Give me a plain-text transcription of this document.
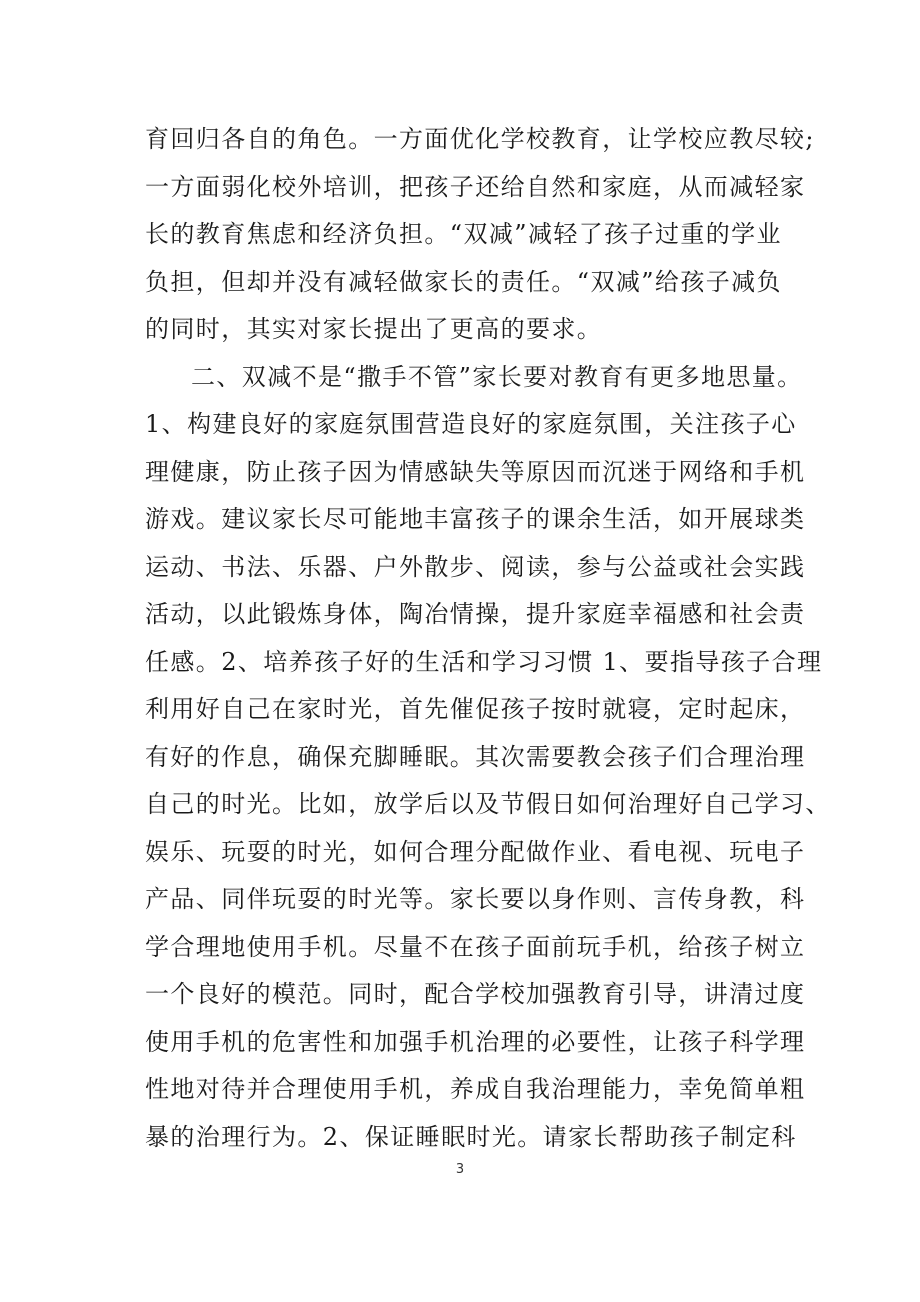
育回归各自的角色。一方面优化学校教育，让学校应教尽较;
一方面弱化校外培训，把孩子还给自然和家庭，从而减轻家
长的教育焦虑和经济负担。“双减”减轻了孩子过重的学业
负担，但却并没有减轻做家长的责任。“双减”给孩子减负
的同时，其实对家长提出了更高的要求。
二、双减不是“撒手不管”家长要对教育有更多地思量。
1、构建良好的家庭氛围营造良好的家庭氛围，关注孩子心
理健康，防止孩子因为情感缺失等原因而沉迷于网络和手机
游戏。建议家长尽可能地丰富孩子的课余生活，如开展球类
运动、书法、乐器、户外散步、阅读，参与公益或社会实践
活动，以此锻炼身体，陶冶情操，提升家庭幸福感和社会责
任感。2、培养孩子好的生活和学习习惯 1、要指导孩子合理
利用好自己在家时光，首先催促孩子按时就寝，定时起床，
有好的作息，确保充脚睡眠。其次需要教会孩子们合理治理
自己的时光。比如，放学后以及节假日如何治理好自己学习、
娱乐、玩耍的时光，如何合理分配做作业、看电视、玩电子
产品、同伴玩耍的时光等。家长要以身作则、言传身教，科
学合理地使用手机。尽量不在孩子面前玩手机，给孩子树立
一个良好的模范。同时，配合学校加强教育引导，讲清过度
使用手机的危害性和加强手机治理的必要性，让孩子科学理
性地对待并合理使用手机，养成自我治理能力，幸免简单粗
暴的治理行为。2、保证睡眠时光。请家长帮助孩子制定科
3
